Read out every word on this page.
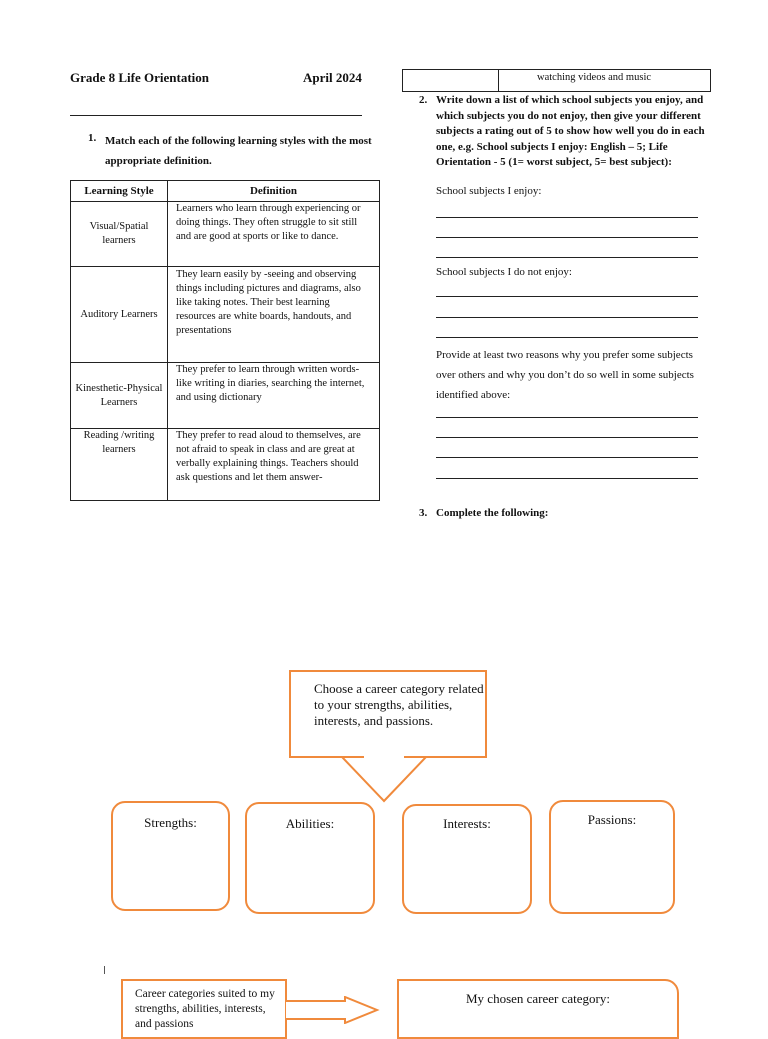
Grade 8 Life Orientation	April 2024
1. Match each of the following learning styles with the most appropriate definition.
Learning Style	Definition
Visual/Spatial learners	Learners who learn through experiencing or doing things. They often struggle to sit still and are good at sports or like to dance.
Auditory Learners	They learn easily by -seeing and observing things including pictures and diagrams, also like taking notes. Their best learning resources are white boards, handouts, and presentations
Kinesthetic-Physical Learners	They prefer to learn through written words-like writing in diaries, searching the internet, and using dictionary
Reading /writing learners	They prefer to read aloud to themselves, are not afraid to speak in class and are great at verbally explaining things. Teachers should ask questions and let them answer-
watching videos and music
2. Write down a list of which school subjects you enjoy, and which subjects you do not enjoy, then give your different subjects a rating out of 5 to show how well you do in each one, e.g. School subjects I enjoy: English – 5; Life Orientation - 5 (1= worst subject, 5= best subject):
School subjects I enjoy:
School subjects I do not enjoy:
Provide at least two reasons why you prefer some subjects over others and why you don’t do so well in some subjects identified above:
3. Complete the following:
Choose a career category related to your strengths, abilities, interests, and passions.
Strengths:	Abilities:	Interests:	Passions:
Career categories suited to my strengths, abilities, interests, and passions
My chosen career category:
